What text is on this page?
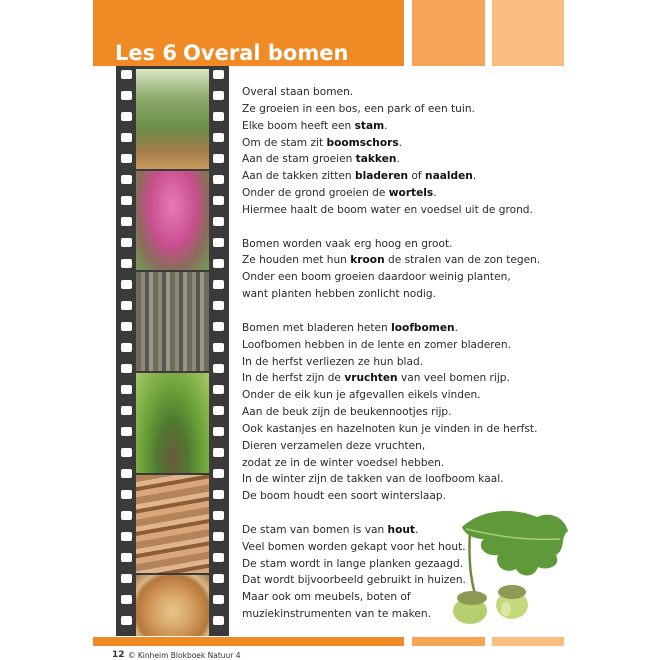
Les 6 Overal bomen
Overal staan bomen.
Ze groeien in een bos, een park of een tuin.
Elke boom heeft een stam.
Om de stam zit boomschors.
Aan de stam groeien takken.
Aan de takken zitten bladeren of naalden.
Onder de grond groeien de wortels.
Hiermee haalt de boom water en voedsel uit de grond.
Bomen worden vaak erg hoog en groot.
Ze houden met hun kroon de stralen van de zon tegen.
Onder een boom groeien daardoor weinig planten,
want planten hebben zonlicht nodig.
Bomen met bladeren heten loofbomen.
Loofbomen hebben in de lente en zomer bladeren.
In de herfst verliezen ze hun blad.
In de herfst zijn de vruchten van veel bomen rijp.
Onder de eik kun je afgevallen eikels vinden.
Aan de beuk zijn de beukennootjes rijp.
Ook kastanjes en hazelnoten kun je vinden in de herfst.
Dieren verzamelen deze vruchten,
zodat ze in de winter voedsel hebben.
In de winter zijn de takken van de loofboom kaal.
De boom houdt een soort winterslaap.
De stam van bomen is van hout.
Veel bomen worden gekapt voor het hout.
De stam wordt in lange planken gezaagd.
Dat wordt bijvoorbeeld gebruikt in huizen.
Maar ook om meubels, boten of
muziekinstrumenten van te maken.
12 © Kinheim Blokboek Natuur 4
